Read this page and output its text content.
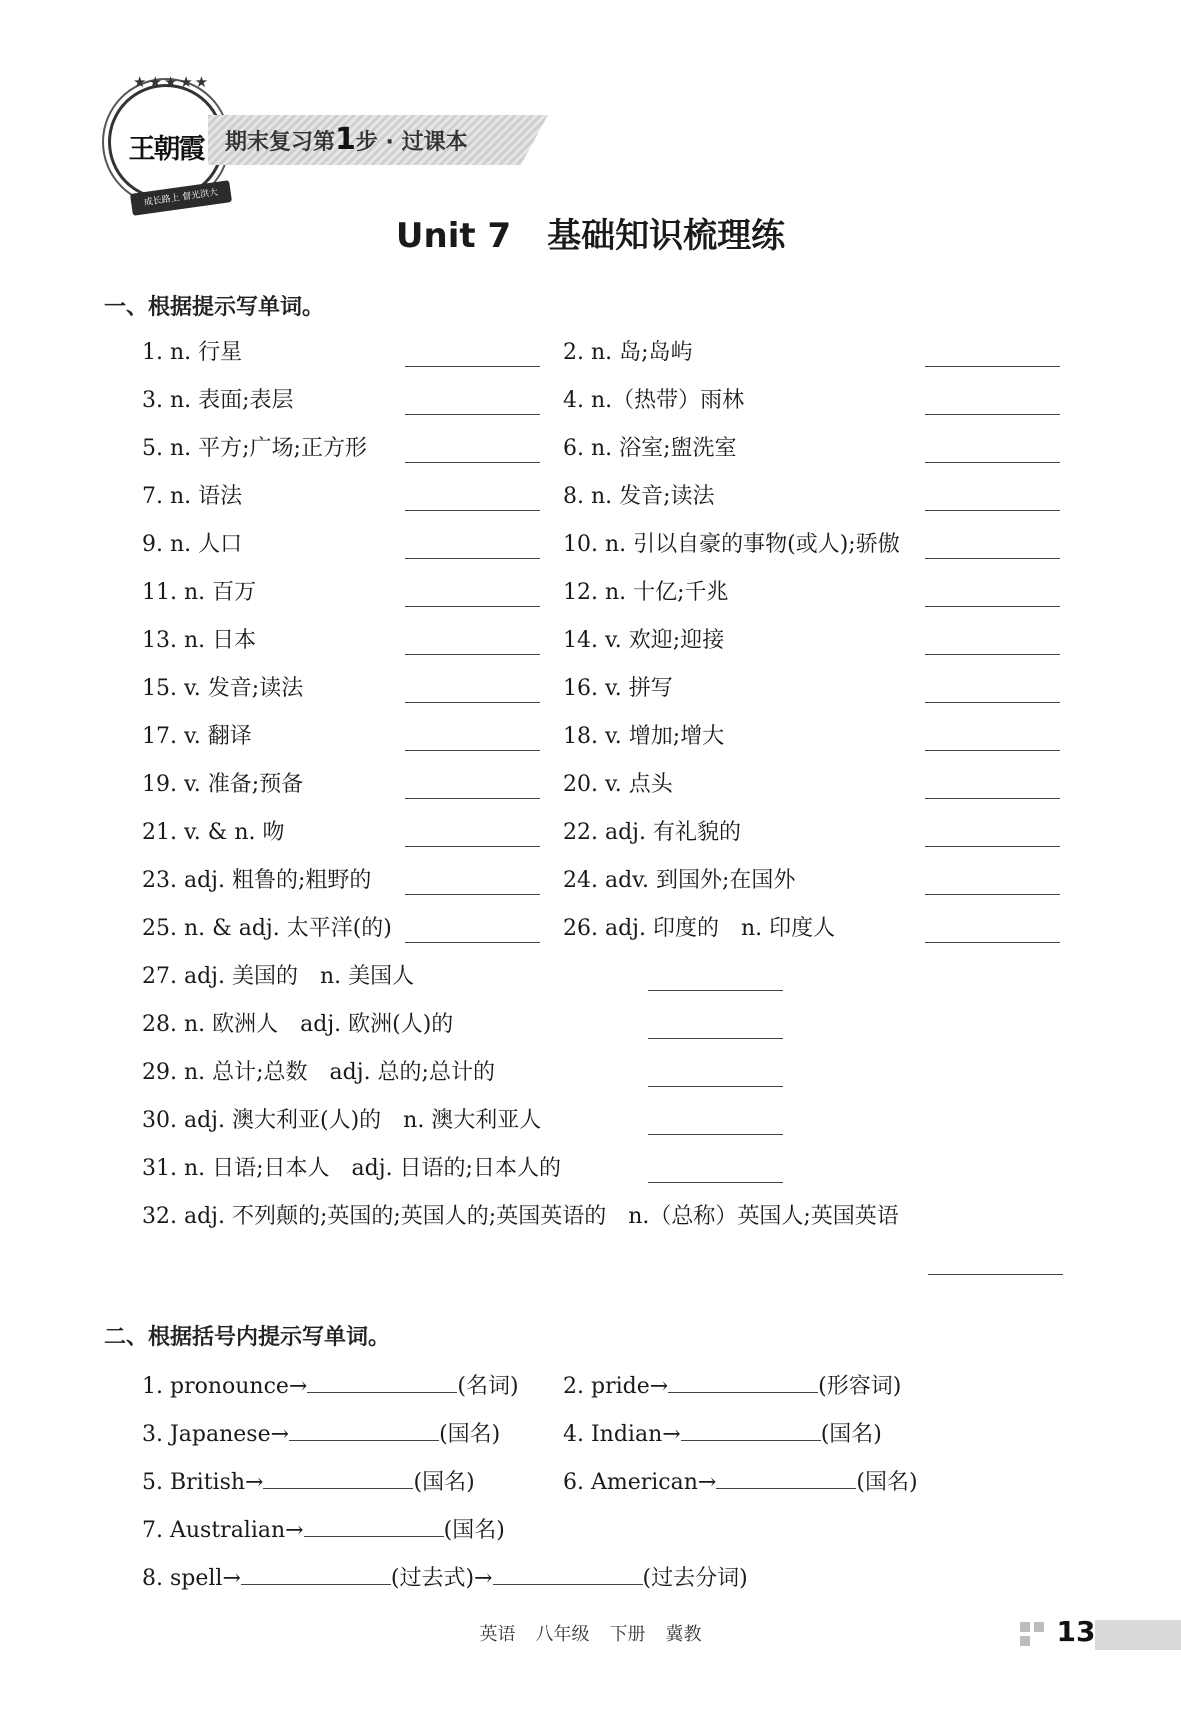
★★★★★
王朝霞
成长路上 督光洪大
期末复习第1步 · 过课本
Unit 7 基础知识梳理练
一、根据提示写单词。
1. n. 行星	2. n. 岛;岛屿
3. n. 表面;表层	4. n.（热带）雨林
5. n. 平方;广场;正方形	6. n. 浴室;盥洗室
7. n. 语法	8. n. 发音;读法
9. n. 人口	10. n. 引以自豪的事物(或人);骄傲
11. n. 百万	12. n. 十亿;千兆
13. n. 日本	14. v. 欢迎;迎接
15. v. 发音;读法	16. v. 拼写
17. v. 翻译	18. v. 增加;增大
19. v. 准备;预备	20. v. 点头
21. v. & n. 吻	22. adj. 有礼貌的
23. adj. 粗鲁的;粗野的	24. adv. 到国外;在国外
25. n. & adj. 太平洋(的)	26. adj. 印度的　n. 印度人
27. adj. 美国的　n. 美国人
28. n. 欧洲人　adj. 欧洲(人)的
29. n. 总计;总数　adj. 总的;总计的
30. adj. 澳大利亚(人)的　n. 澳大利亚人
31. n. 日语;日本人　adj. 日语的;日本人的
32. adj. 不列颠的;英国的;英国人的;英国英语的　n.（总称）英国人;英国英语
二、根据括号内提示写单词。
1. pronounce→	(名词) 2. pride→	(形容词)
3. Japanese→	(国名)	4. Indian→	(国名)
5. British→	(国名)	6. American→	(国名)
7. Australian→	(国名)
8. spell→	(过去式)→	(过去分词)
英语 八年级 下册 冀教	13
